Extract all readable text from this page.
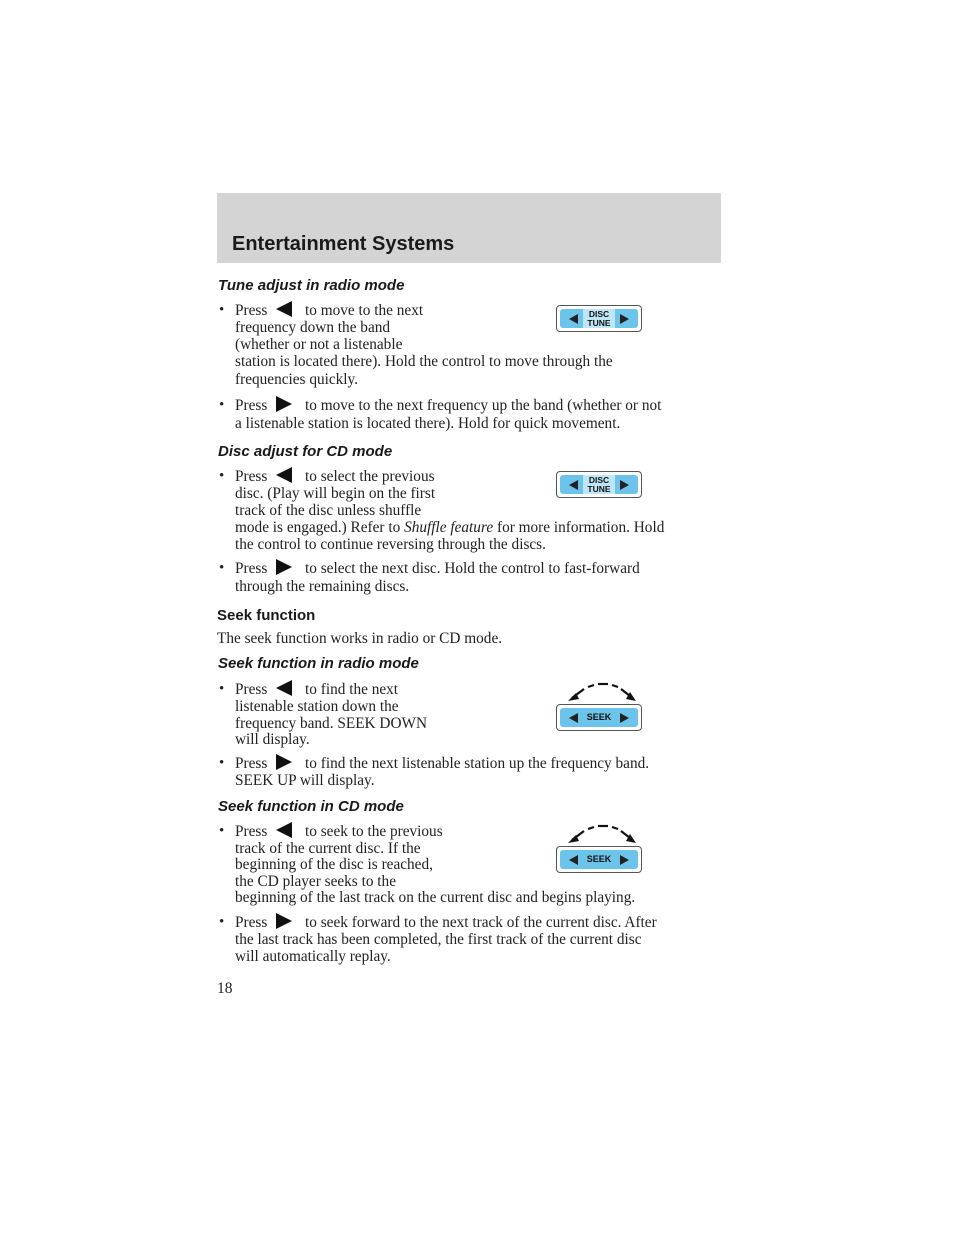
Entertainment Systems
Tune adjust in radio mode
• Press to move to the next
frequency down the band
(whether or not a listenable
station is located there). Hold the control to move through the
frequencies quickly.
DISC
TUNE
• Press to move to the next frequency up the band (whether or not
a listenable station is located there). Hold for quick movement.
Disc adjust for CD mode
• Press to select the previous
disc. (Play will begin on the first
track of the disc unless shuffle
mode is engaged.) Refer to Shuffle feature for more information. Hold
the control to continue reversing through the discs.
DISC
TUNE
• Press to select the next disc. Hold the control to fast-forward
through the remaining discs.
Seek function
The seek function works in radio or CD mode.
Seek function in radio mode
• Press to find the next
listenable station down the
frequency band. SEEK DOWN
will display.
SEEK
• Press to find the next listenable station up the frequency band.
SEEK UP will display.
Seek function in CD mode
• Press to seek to the previous
track of the current disc. If the
beginning of the disc is reached,
the CD player seeks to the
beginning of the last track on the current disc and begins playing.
SEEK
• Press to seek forward to the next track of the current disc. After
the last track has been completed, the first track of the current disc
will automatically replay.
18
